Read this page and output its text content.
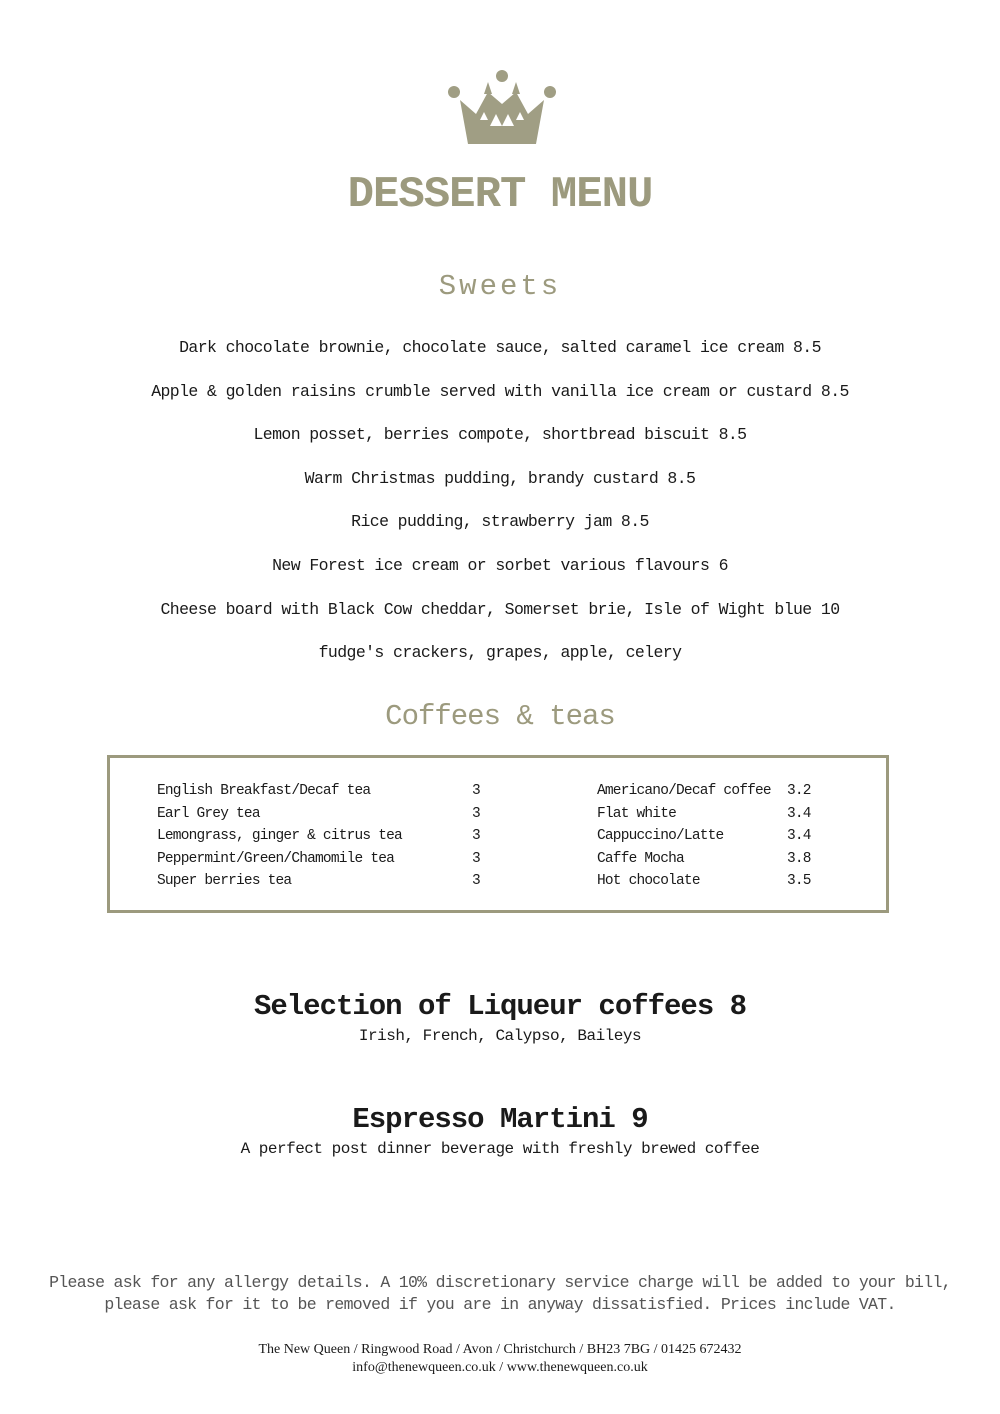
DESSERT MENU
Sweets
Dark chocolate brownie, chocolate sauce, salted caramel ice cream 8.5
Apple & golden raisins crumble served with vanilla ice cream or custard 8.5
Lemon posset, berries compote, shortbread biscuit 8.5
Warm Christmas pudding, brandy custard 8.5
Rice pudding, strawberry jam 8.5
New Forest ice cream or sorbet various flavours 6
Cheese board with Black Cow cheddar, Somerset brie, Isle of Wight blue 10
fudge's crackers, grapes, apple, celery
Coffees & teas
English Breakfast/Decaf tea	3
Earl Grey tea	3
Lemongrass, ginger & citrus tea	3
Peppermint/Green/Chamomile tea	3
Super berries tea	3
Americano/Decaf coffee 3.2
Flat white	3.4
Cappuccino/Latte	3.4
Caffe Mocha	3.8
Hot chocolate	3.5
Selection of Liqueur coffees 8
Irish, French, Calypso, Baileys
Espresso Martini 9
A perfect post dinner beverage with freshly brewed coffee
Please ask for any allergy details. A 10% discretionary service charge will be added to your bill,
please ask for it to be removed if you are in anyway dissatisfied. Prices include VAT.
The New Queen / Ringwood Road / Avon / Christchurch / BH23 7BG / 01425 672432
info@thenewqueen.co.uk / www.thenewqueen.co.uk
